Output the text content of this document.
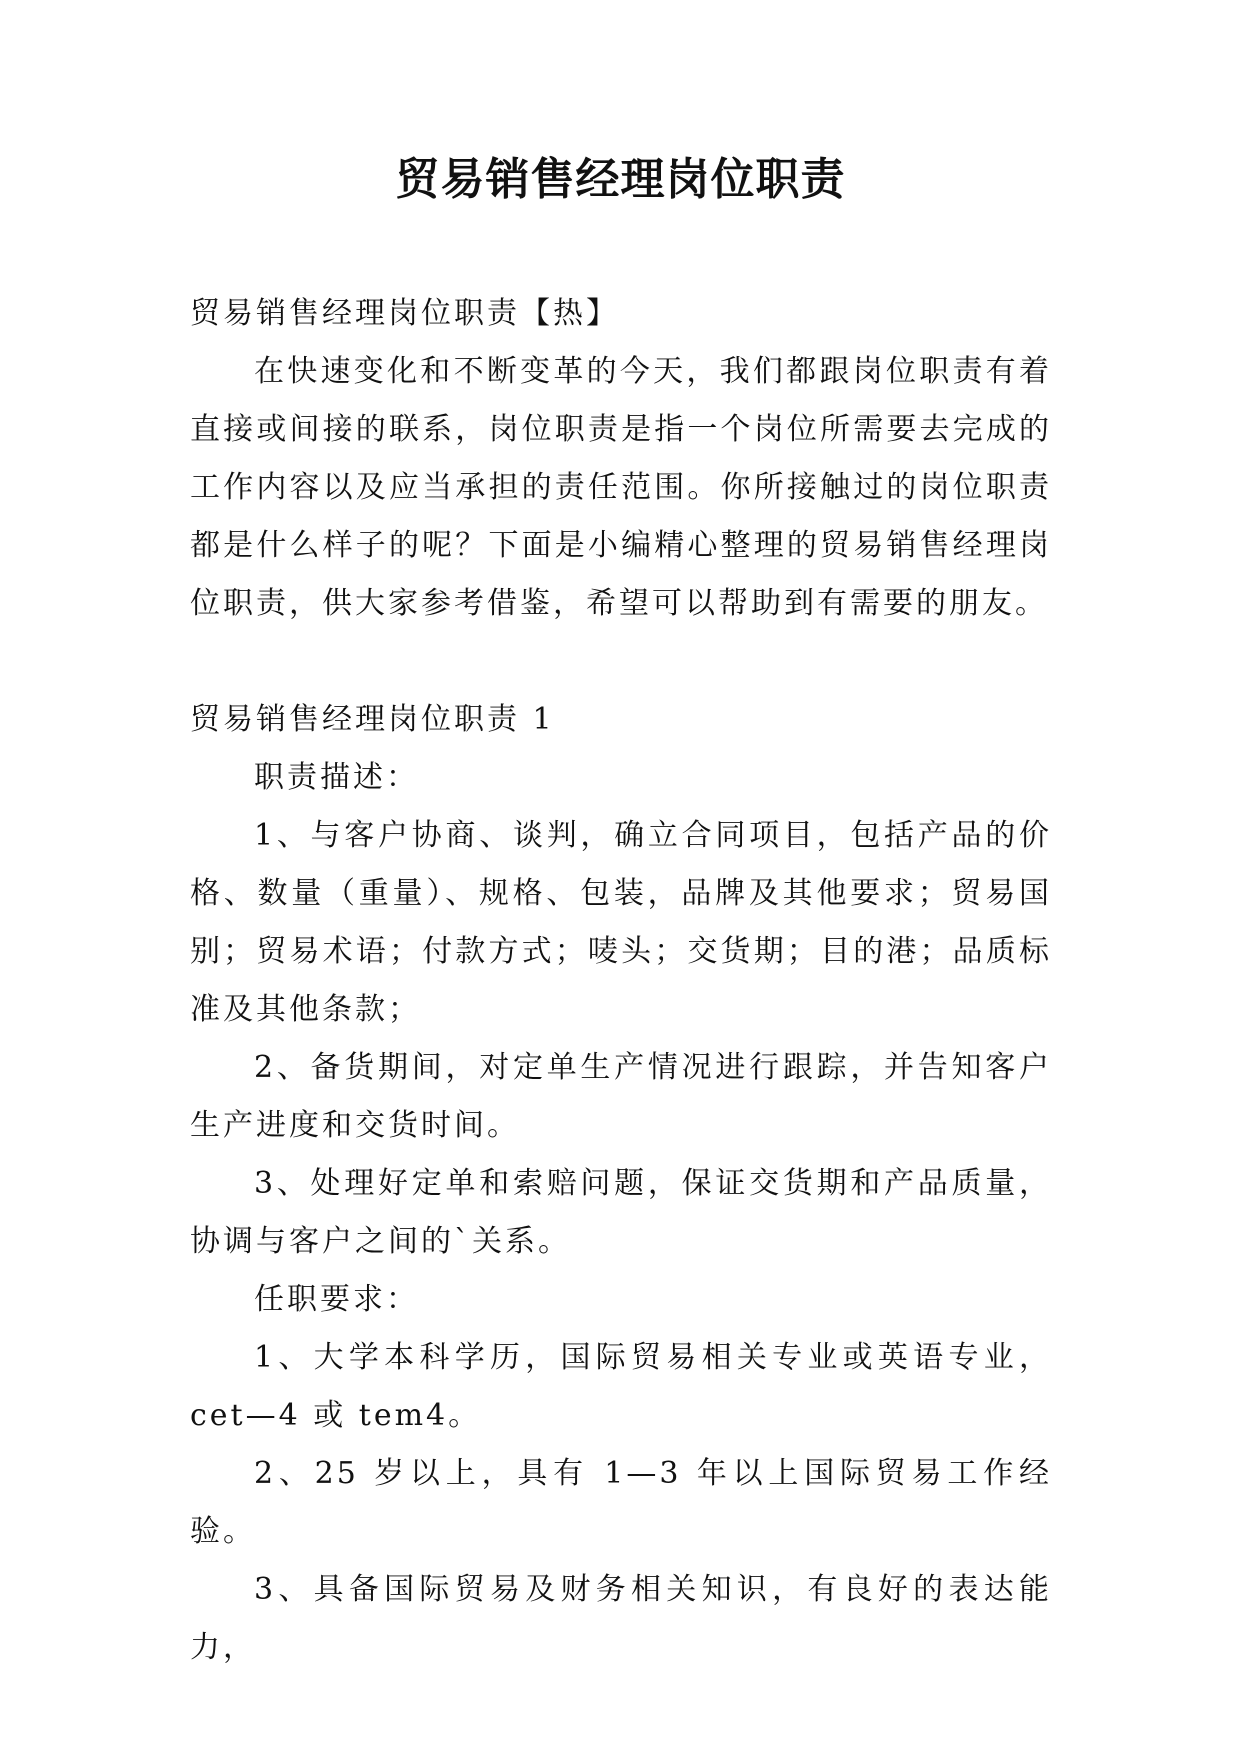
贸易销售经理岗位职责

贸易销售经理岗位职责【热】

在快速变化和不断变革的今天，我们都跟岗位职责有着直接或间接的联系，岗位职责是指一个岗位所需要去完成的工作内容以及应当承担的责任范围。你所接触过的岗位职责都是什么样子的呢？下面是小编精心整理的贸易销售经理岗位职责，供大家参考借鉴，希望可以帮助到有需要的朋友。

贸易销售经理岗位职责 1

职责描述：

1、与客户协商、谈判，确立合同项目，包括产品的价格、数量（重量）、规格、包装，品牌及其他要求；贸易国别；贸易术语；付款方式；唛头；交货期；目的港；品质标准及其他条款；

2、备货期间，对定单生产情况进行跟踪，并告知客户生产进度和交货时间。

3、处理好定单和索赔问题，保证交货期和产品质量，协调与客户之间的`关系。

任职要求：

1、大学本科学历，国际贸易相关专业或英语专业，cet—4 或 tem4。

2、25 岁以上，具有 1—3 年以上国际贸易工作经验。

3、具备国际贸易及财务相关知识，有良好的表达能力，
